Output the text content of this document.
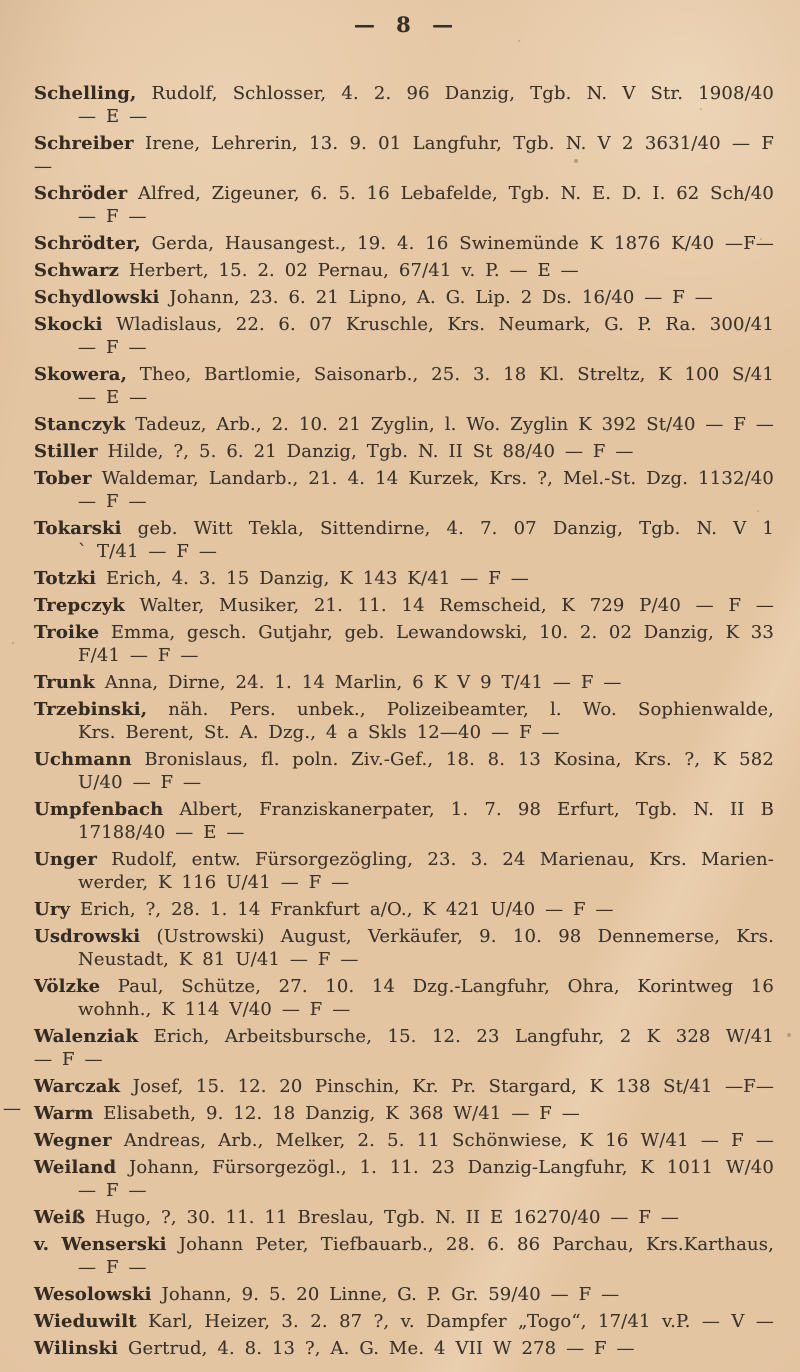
— 8 —

Schelling, Rudolf, Schlosser, 4. 2. 96 Danzig, Tgb. N. V Str. 1908/40

— E —

Schreiber Irene, Lehrerin, 13. 9. 01 Langfuhr, Tgb. N. V 2 3631/40 — F —

Schröder Alfred, Zigeuner, 6. 5. 16 Lebafelde, Tgb. N. E. D. I. 62 Sch/40

— F —

Schrödter, Gerda, Hausangest., 19. 4. 16 Swinemünde K 1876 K/40 —F—

Schwarz Herbert, 15. 2. 02 Pernau, 67/41 v. P. — E —

Schydlowski Johann, 23. 6. 21 Lipno, A. G. Lip. 2 Ds. 16/40 — F —

Skocki Wladislaus, 22. 6. 07 Kruschle, Krs. Neumark, G. P. Ra. 300/41

— F —

Skowera, Theo, Bartlomie, Saisonarb., 25. 3. 18 Kl. Streltz, K 100 S/41

— E —

Stanczyk Tadeuz, Arb., 2. 10. 21 Zyglin, l. Wo. Zyglin K 392 St/40 — F —

Stiller Hilde, ?, 5. 6. 21 Danzig, Tgb. N. II St 88/40 — F —

Tober Waldemar, Landarb., 21. 4. 14 Kurzek, Krs. ?, Mel.-St. Dzg. 1132/40

— F —

Tokarski geb. Witt Tekla, Sittendirne, 4. 7. 07 Danzig, Tgb. N. V 1

` T/41 — F —

Totzki Erich, 4. 3. 15 Danzig, K 143 K/41 — F —

Trepczyk Walter, Musiker, 21. 11. 14 Remscheid, K 729 P/40 — F —

Troike Emma, gesch. Gutjahr, geb. Lewandowski, 10. 2. 02 Danzig, K 33

F/41 — F —

Trunk Anna, Dirne, 24. 1. 14 Marlin, 6 K V 9 T/41 — F —

Trzebinski, näh. Pers. unbek., Polizeibeamter, l. Wo. Sophienwalde,

Krs. Berent, St. A. Dzg., 4 a Skls 12—40 — F —

Uchmann Bronislaus, fl. poln. Ziv.-Gef., 18. 8. 13 Kosina, Krs. ?, K 582

U/40 — F —

Umpfenbach Albert, Franziskanerpater, 1. 7. 98 Erfurt, Tgb. N. II B

17188/40 — E —

Unger Rudolf, entw. Fürsorgezögling, 23. 3. 24 Marienau, Krs. Marien-

werder, K 116 U/41 — F —

Ury Erich, ?, 28. 1. 14 Frankfurt a/O., K 421 U/40 — F —

Usdrowski (Ustrowski) August, Verkäufer, 9. 10. 98 Dennemerse, Krs.

Neustadt, K 81 U/41 — F —

Völzke Paul, Schütze, 27. 10. 14 Dzg.-Langfuhr, Ohra, Korintweg 16

wohnh., K 114 V/40 — F —

Walenziak Erich, Arbeitsbursche, 15. 12. 23 Langfuhr, 2 K 328 W/41

— F —

Warczak Josef, 15. 12. 20 Pinschin, Kr. Pr. Stargard, K 138 St/41 —F—

— Warm Elisabeth, 9. 12. 18 Danzig, K 368 W/41 — F —

Wegner Andreas, Arb., Melker, 2. 5. 11 Schönwiese, K 16 W/41 — F —

Weiland Johann, Fürsorgezögl., 1. 11. 23 Danzig-Langfuhr, K 1011 W/40

— F —

Weiß Hugo, ?, 30. 11. 11 Breslau, Tgb. N. II E 16270/40 — F —

v. Wenserski Johann Peter, Tiefbauarb., 28. 6. 86 Parchau, Krs.Karthaus,

— F —

Wesolowski Johann, 9. 5. 20 Linne, G. P. Gr. 59/40 — F —

Wieduwilt Karl, Heizer, 3. 2. 87 ?, v. Dampfer „Togo“, 17/41 v.P. — V —

Wilinski Gertrud, 4. 8. 13 ?, A. G. Me. 4 VII W 278 — F —
